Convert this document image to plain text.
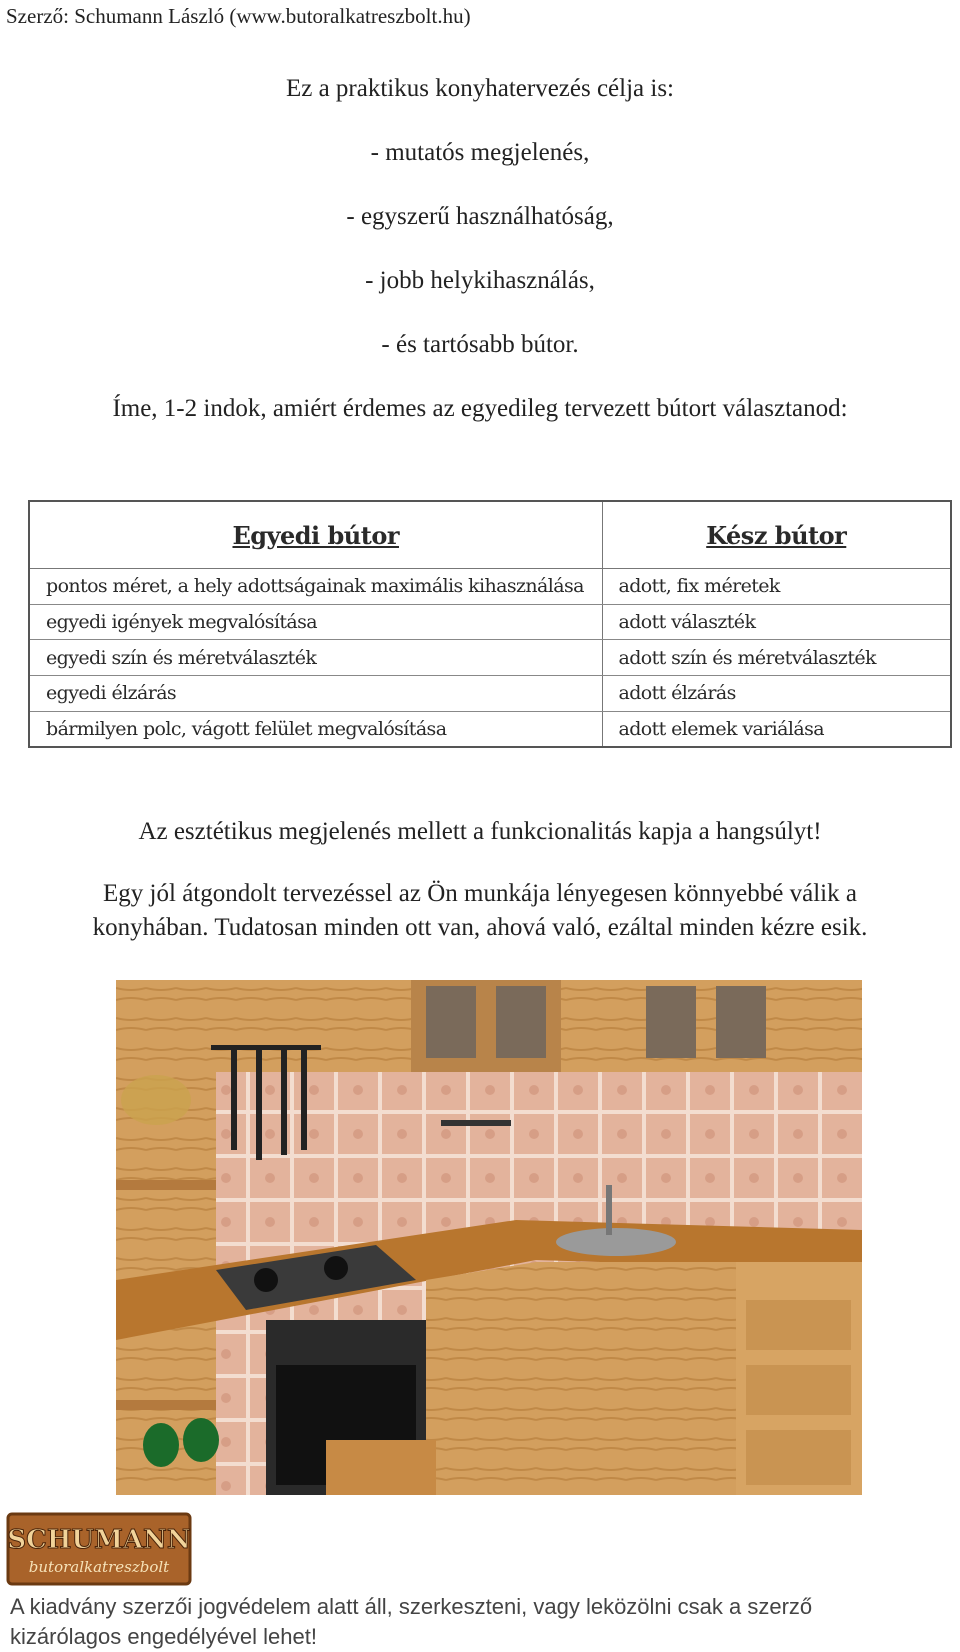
Szerző: Schumann László (www.butoralkatreszbolt.hu)
Ez a praktikus konyhatervezés célja is:
- mutatós megjelenés,
- egyszerű használhatóság,
- jobb helykihasználás,
- és tartósabb bútor.
Íme, 1-2 indok, amiért érdemes az egyedileg tervezett bútort választanod:
Egyedi bútor	Kész bútor
pontos méret, a hely adottságainak maximális kihasználása	adott, fix méretek
egyedi igények megvalósítása	adott választék
egyedi szín és méretválaszték	adott szín és méretválaszték
egyedi élzárás	adott élzárás
bármilyen polc, vágott felület megvalósítása	adott elemek variálása
Az esztétikus megjelenés mellett a funkcionalitás kapja a hangsúlyt!
Egy jól átgondolt tervezéssel az Ön munkája lényegesen könnyebbé válik a
konyhában. Tudatosan minden ott van, ahová való, ezáltal minden kézre esik.
SCHUMANN
butoralkatreszbolt
A kiadvány szerzői jogvédelem alatt áll, szerkeszteni, vagy leközölni csak a szerző
kizárólagos engedélyével lehet!
